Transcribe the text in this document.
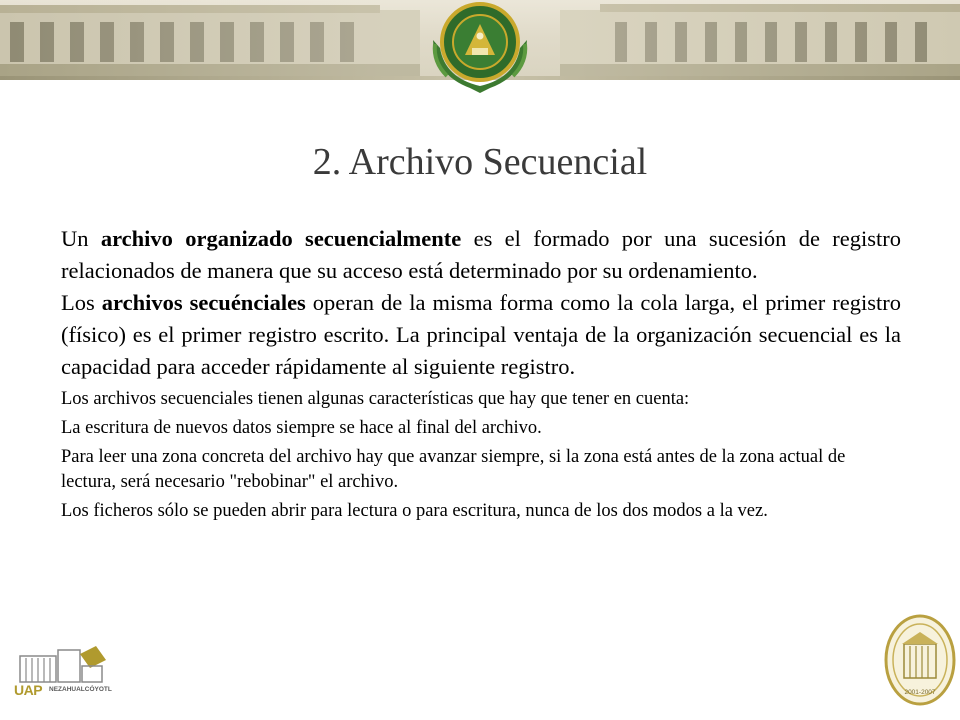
2. Archivo Secuencial

Un archivo organizado secuencialmente es el formado por una sucesión de registro relacionados de manera que su acceso está determinado por su ordenamiento.

Los archivos secuénciales operan de la misma forma como la cola larga, el primer registro (físico) es el primer registro escrito. La principal ventaja de la organización secuencial es la capacidad para acceder rápidamente al siguiente registro.

Los archivos secuenciales tienen algunas características que hay que tener en cuenta:

La escritura de nuevos datos siempre se hace al final del archivo.

Para leer una zona concreta del archivo hay que avanzar siempre, si la zona está antes de la zona actual de lectura, será necesario "rebobinar" el archivo.

Los ficheros sólo se pueden abrir para lectura o para escritura, nunca de los dos modos a la vez.

UAP NEZAHUALCÓYOTL	2001-2007
